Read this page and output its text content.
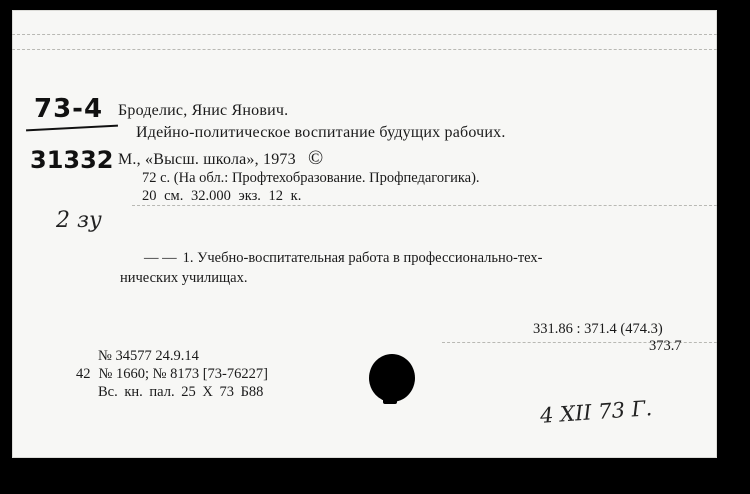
73-4
31332
2 зу
Броделис, Янис Янович.
Идейно-политическое воспитание будущих рабочих.
М., «Высш. школа», 1973 ©
72 с. (На обл.: Профтехобразование. Профпедагогика).
20 см. 32.000 экз. 12 к.
— — 1. Учебно-воспитательная работа в профессионально-тех-
нических училищах.
331.86 : 371.4 (474.3)
373.7
№ 34577 24.9.14
42 № 1660; № 8173 [73-76227]
Вс. кн. пал. 25 Х 73 Б88
4 XII 73 Г.
